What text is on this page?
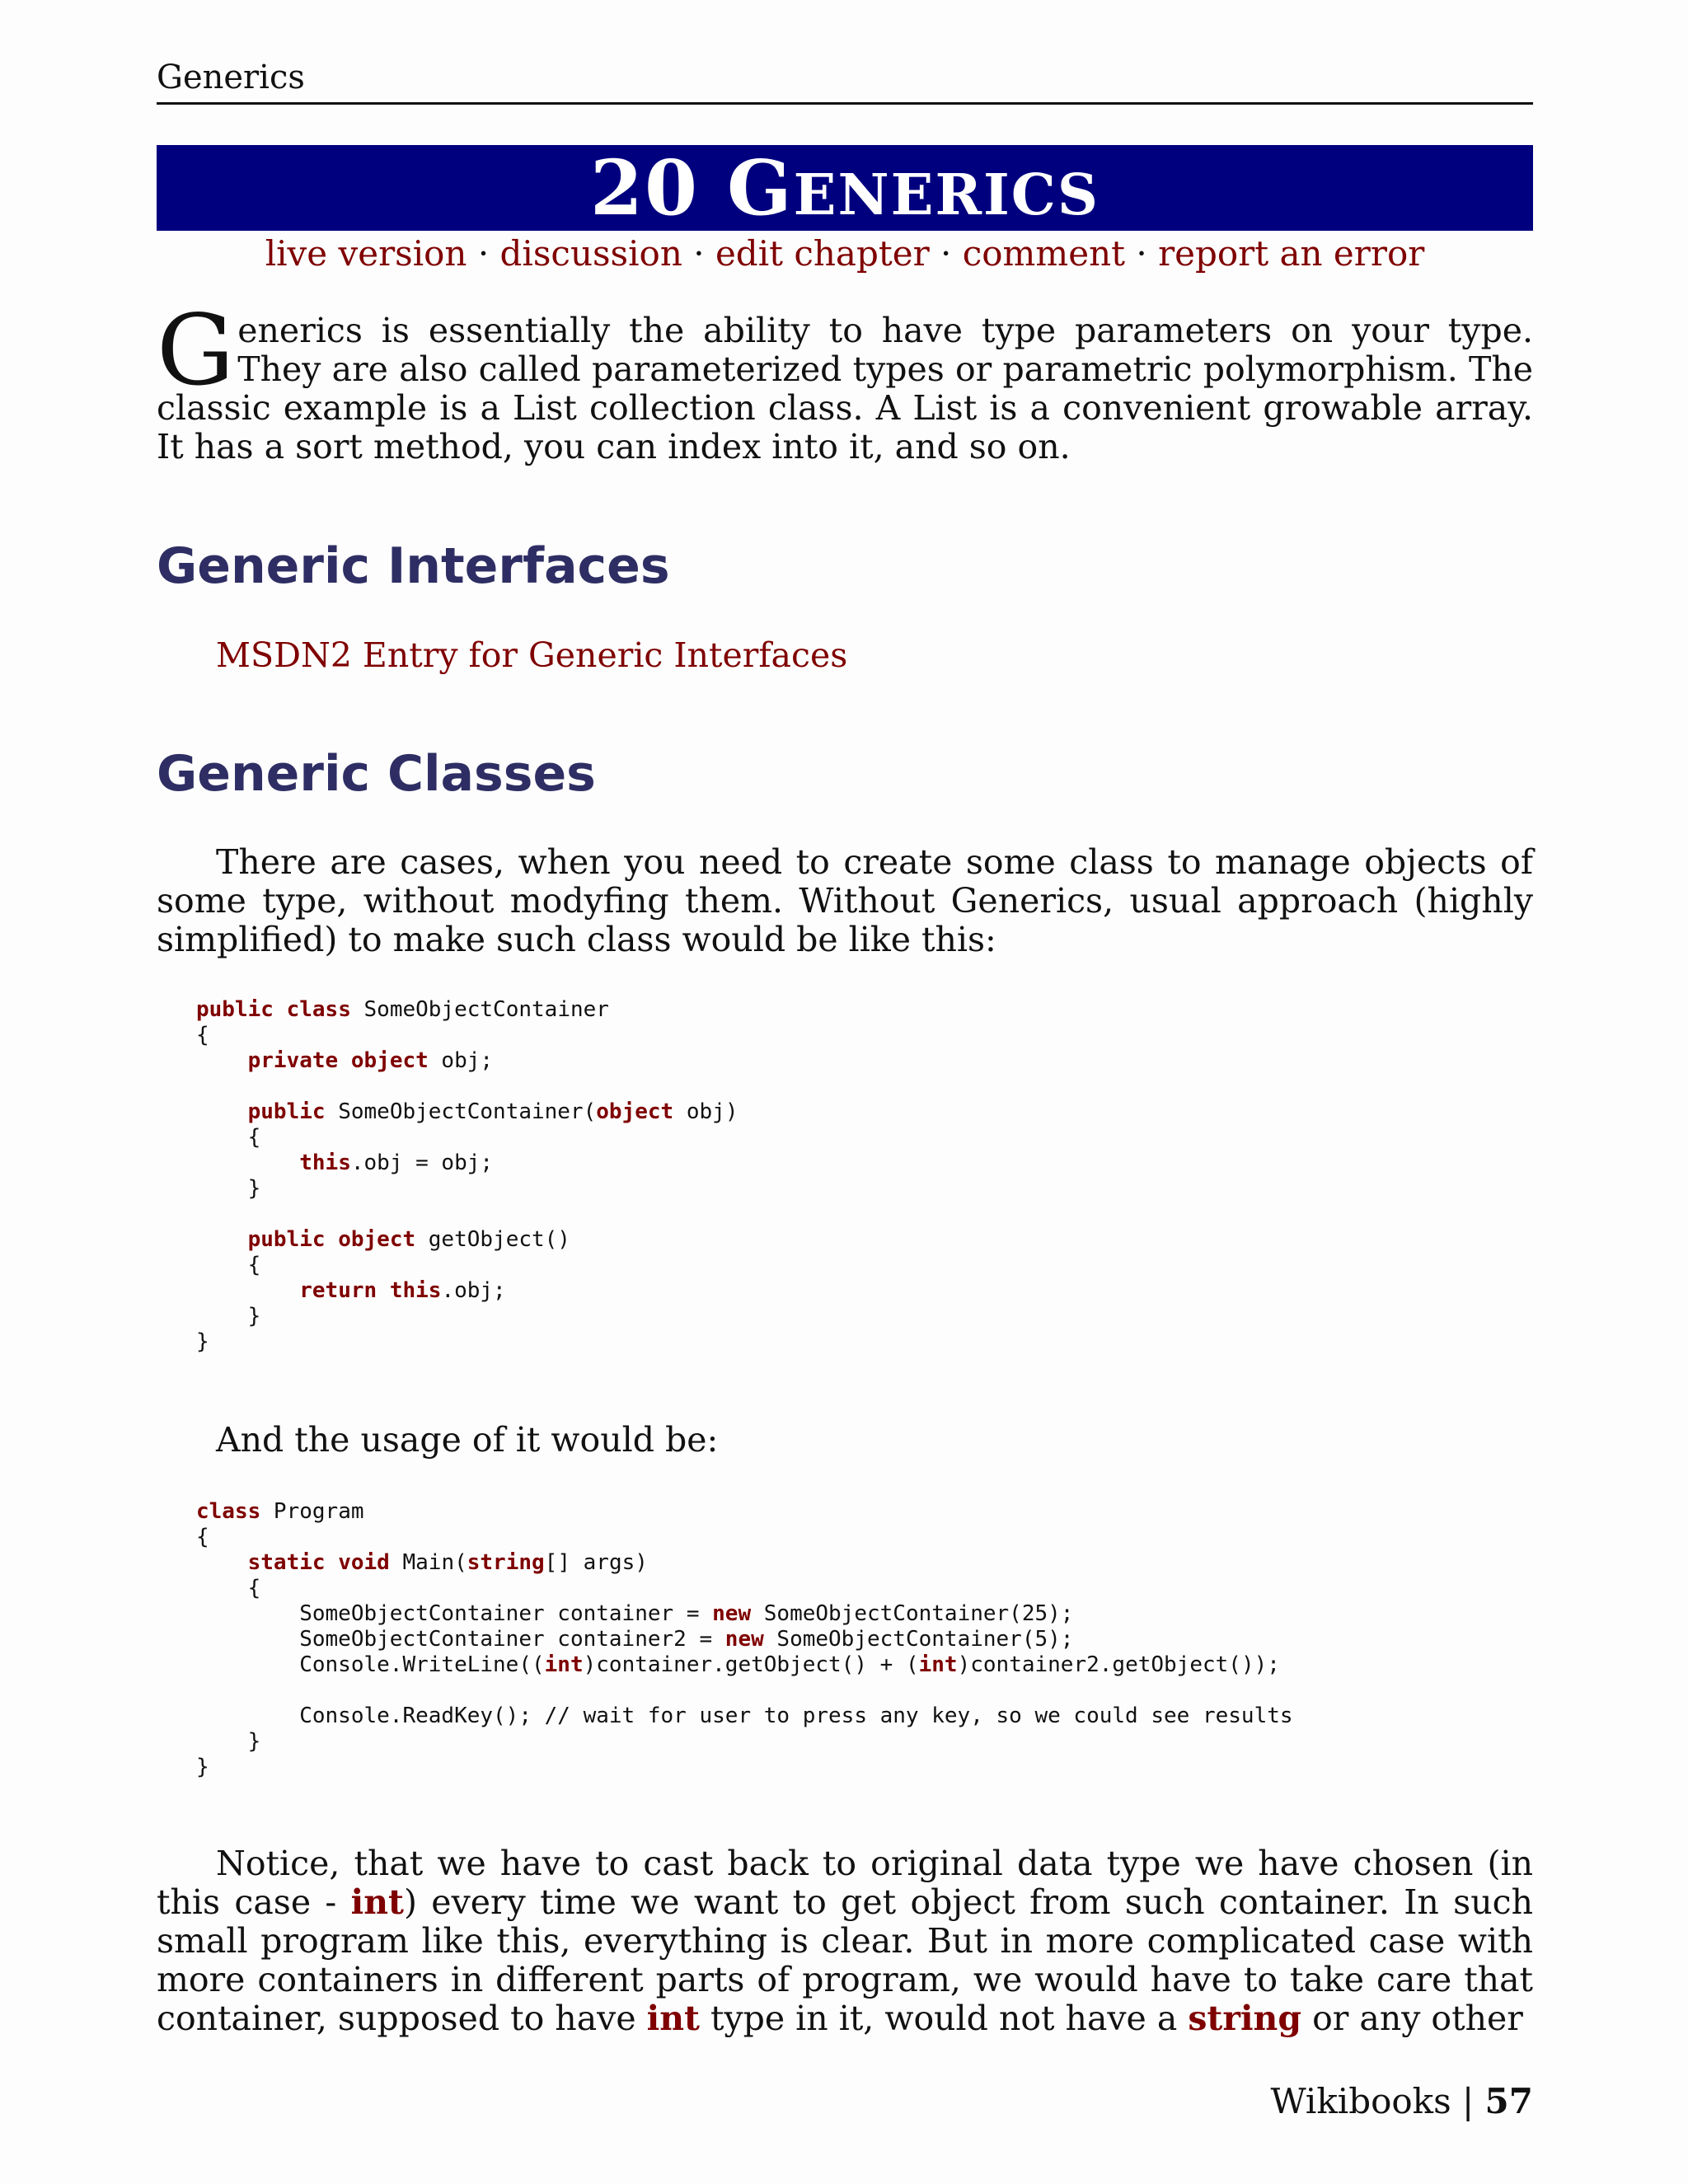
Generics
20 GENERICS
live version · discussion · edit chapter · comment · report an error
Generics is essentially the ability to have type parameters on your type. They are also called parameterized types or parametric polymorphism. The classic example is a List collection class. A List is a convenient growable array. It has a sort method, you can index into it, and so on.
Generic Interfaces
MSDN2 Entry for Generic Interfaces
Generic Classes
There are cases, when you need to create some class to manage objects of some type, without modyfing them. Without Generics, usual approach (highly simplified) to make such class would be like this:
public class SomeObjectContainer
{
private object obj;

public SomeObjectContainer(object obj)
{
this.obj = obj;
}

public object getObject()
{
return this.obj;
}
}
And the usage of it would be:
class Program
{
static void Main(string[] args)
{
SomeObjectContainer container = new SomeObjectContainer(25);
SomeObjectContainer container2 = new SomeObjectContainer(5);
Console.WriteLine((int)container.getObject() + (int)container2.getObject());

Console.ReadKey(); // wait for user to press any key, so we could see results
}
}
Notice, that we have to cast back to original data type we have chosen (in this case - int) every time we want to get object from such container. In such small program like this, everything is clear. But in more complicated case with more containers in different parts of program, we would have to take care that container, supposed to have int type in it, would not have a string or any other
Wikibooks | 57
